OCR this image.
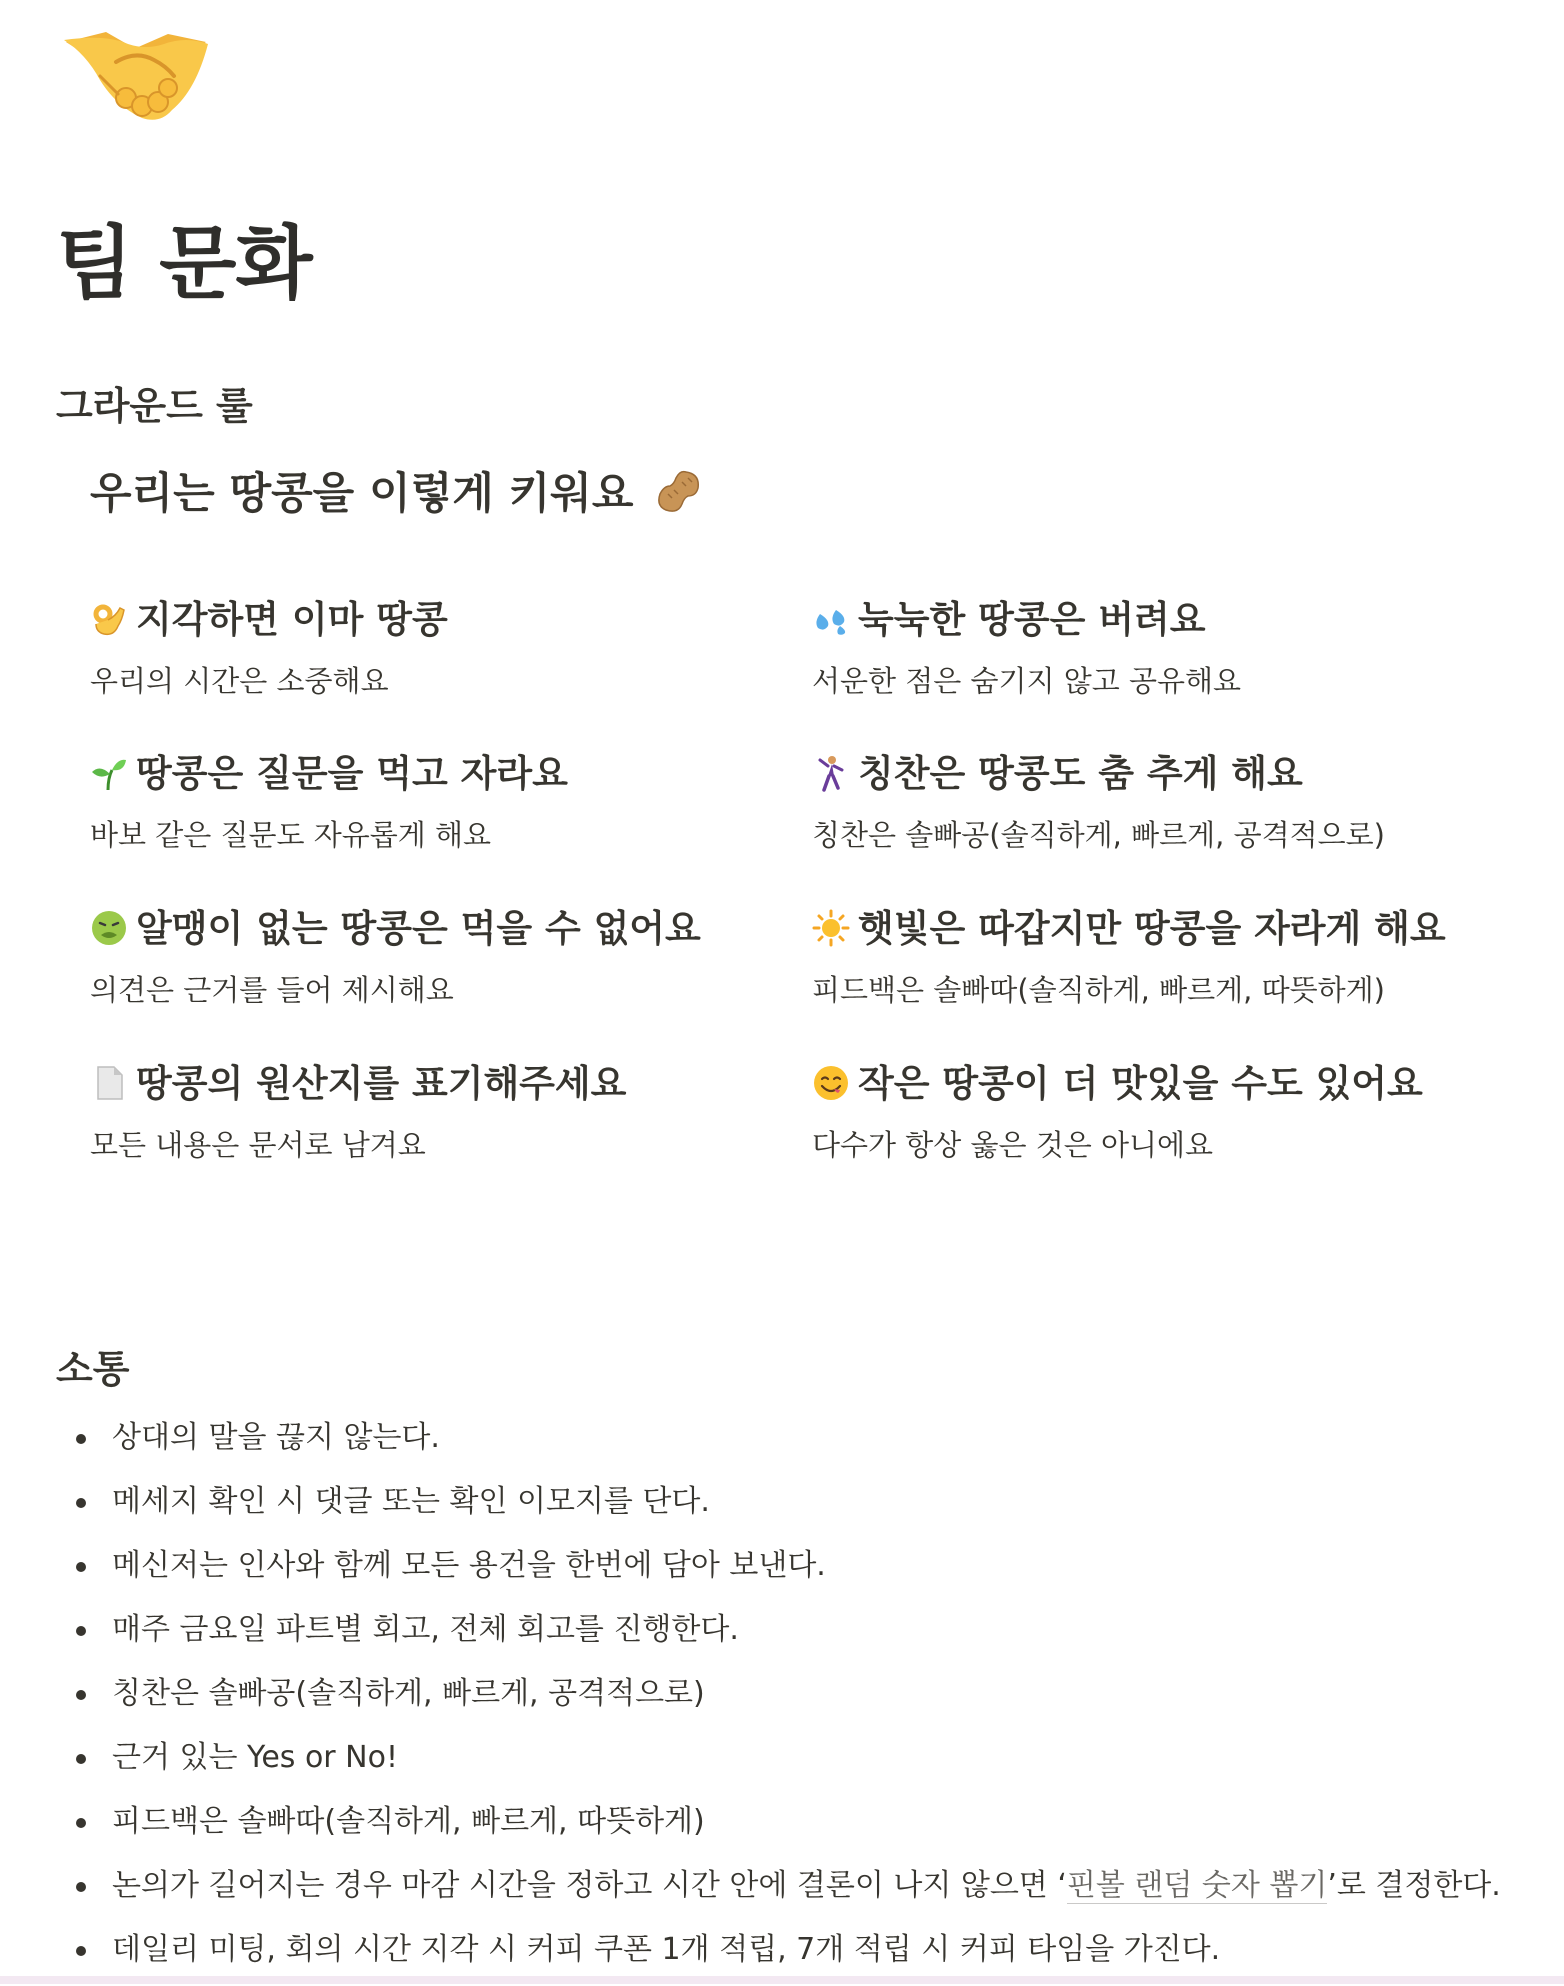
팀 문화
그라운드 룰
우리는 땅콩을 이렇게 키워요
지각하면 이마 땅콩
우리의 시간은 소중해요
눅눅한 땅콩은 버려요
서운한 점은 숨기지 않고 공유해요
땅콩은 질문을 먹고 자라요
바보 같은 질문도 자유롭게 해요
칭찬은 땅콩도 춤 추게 해요
칭찬은 솔빠공(솔직하게, 빠르게, 공격적으로)
알맹이 없는 땅콩은 먹을 수 없어요
의견은 근거를 들어 제시해요
햇빛은 따갑지만 땅콩을 자라게 해요
피드백은 솔빠따(솔직하게, 빠르게, 따뜻하게)
땅콩의 원산지를 표기해주세요
모든 내용은 문서로 남겨요
작은 땅콩이 더 맛있을 수도 있어요
다수가 항상 옳은 것은 아니에요
소통
상대의 말을 끊지 않는다.
메세지 확인 시 댓글 또는 확인 이모지를 단다.
메신저는 인사와 함께 모든 용건을 한번에 담아 보낸다.
매주 금요일 파트별 회고, 전체 회고를 진행한다.
칭찬은 솔빠공(솔직하게, 빠르게, 공격적으로)
근거 있는 Yes or No!
피드백은 솔빠따(솔직하게, 빠르게, 따뜻하게)
논의가 길어지는 경우 마감 시간을 정하고 시간 안에 결론이 나지 않으면 ‘핀볼 랜덤 숫자 뽑기’로 결정한다.
데일리 미팅, 회의 시간 지각 시 커피 쿠폰 1개 적립, 7개 적립 시 커피 타임을 가진다.
